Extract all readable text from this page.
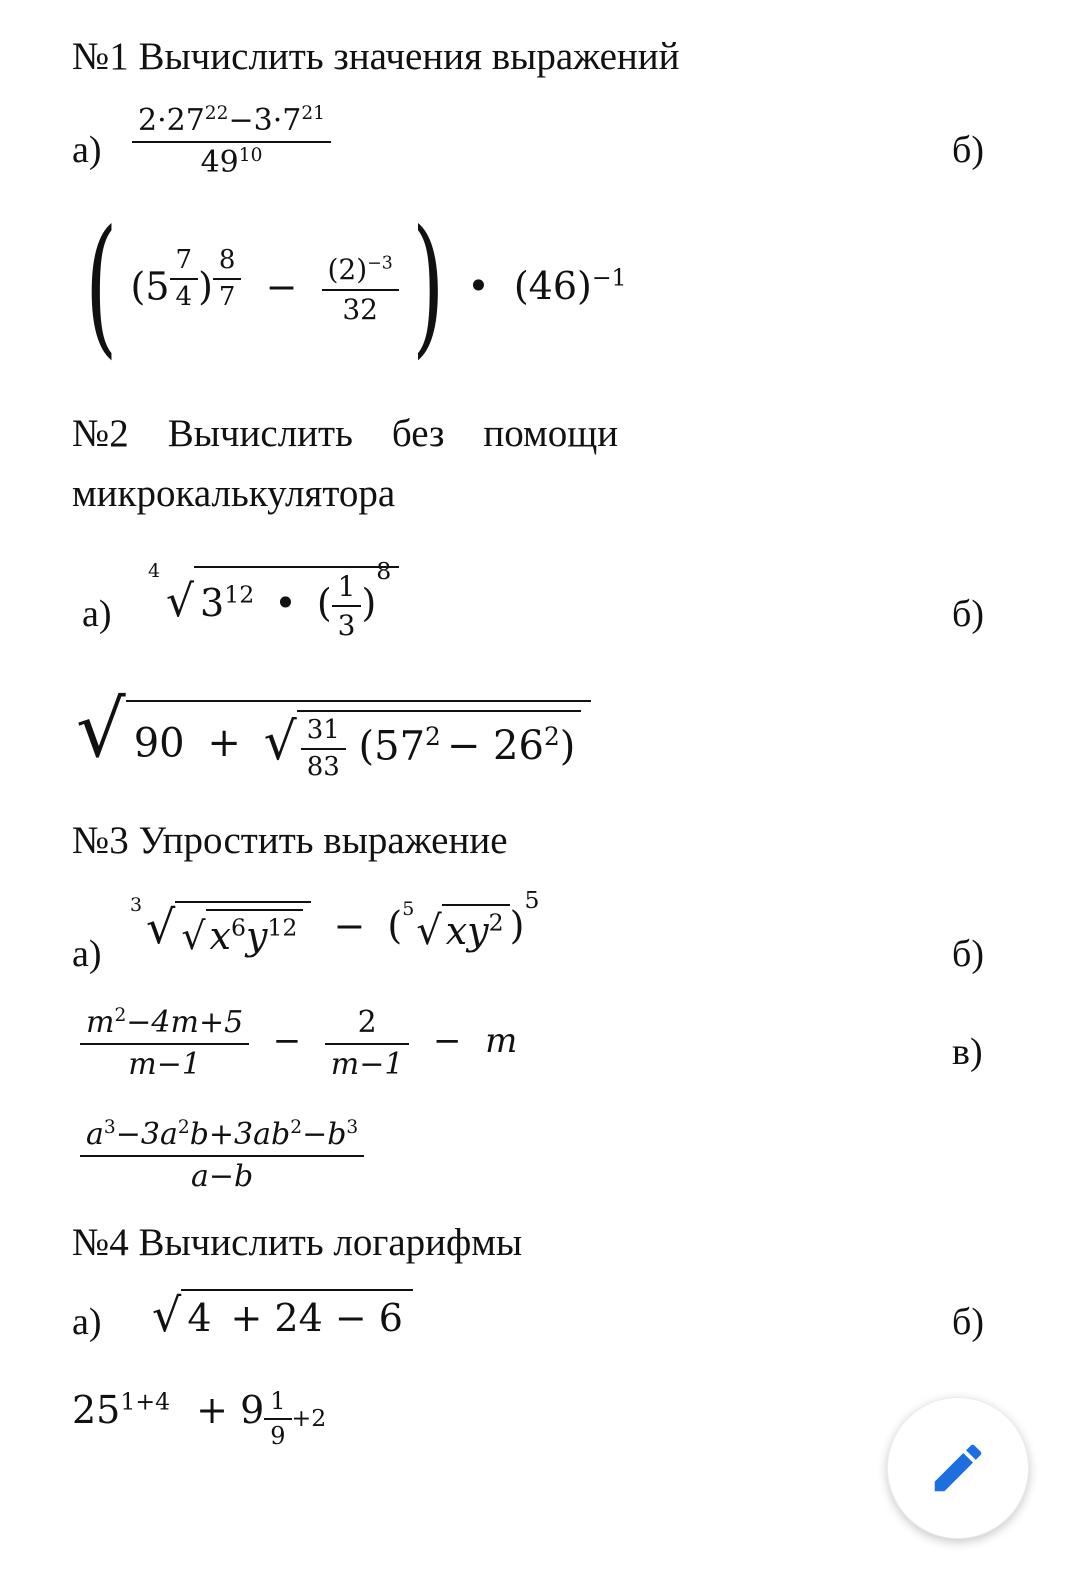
№1 Вычислить значения выражений
а)	б)
$\frac{2\cdot 27^{22}-3\cdot 7^{21}}{49^{10}}$
( (5 $^{\frac{7}{4}}$ ) $^{\frac{8}{7}} - \frac{(2)^{-3}}{32}$ ) • $(46)^{-1}$
№2 Вычислить без помощи
микрокалькулятора
а)	б)
4
√ $3^{12}$ • ( $\frac{1}{3} )^8$
√ 90 + √ $\frac{31}{83} (57^2 - 26^2)$
№3 Упростить выражение
а)	б)
в)
3 √ √ $x^6y^{12}$ − ( 5 √ $xy^2$ )$^5$
$\frac{m^2-4m+5}{m-1} - \frac{2}{m-1} - m$
$\frac{a^3-3a^2b+3ab^2-b^3}{a-b}$
№4 Вычислить логарифмы
а)	б)
√ 4 + 24 − 6
$25^{1+4} + 9$ $^{\frac{1}{9} +2}$
